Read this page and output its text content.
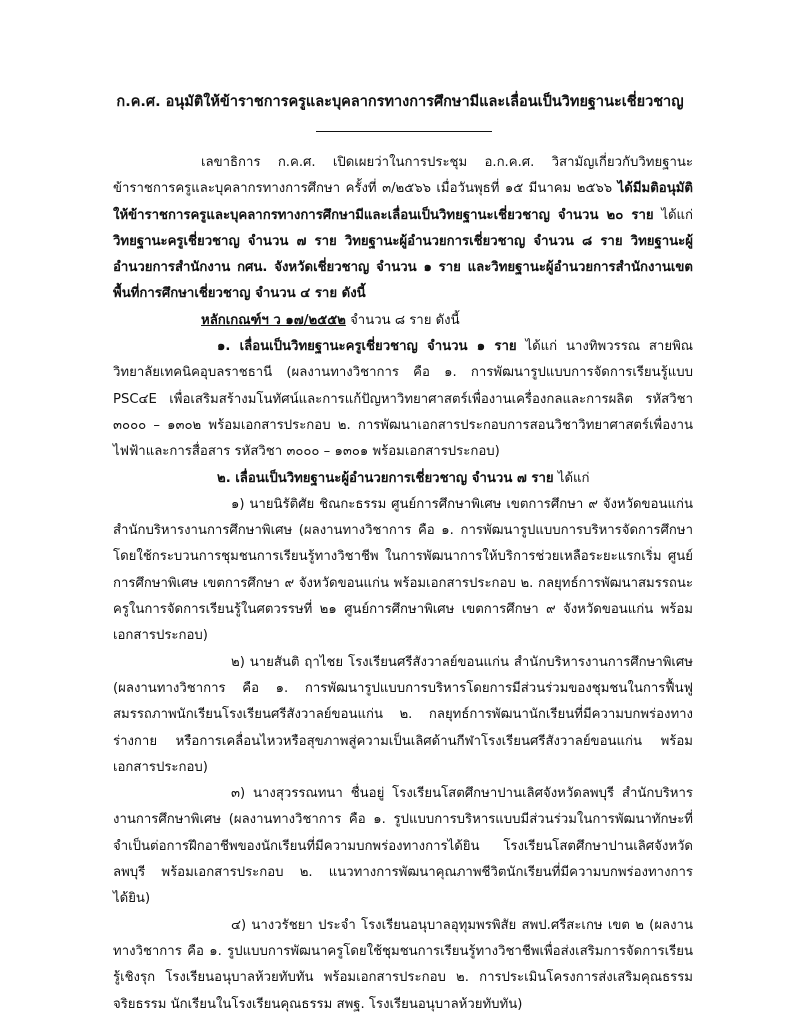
ก.ค.ศ. อนุมัติให้ข้าราชการครูและบุคลากรทางการศึกษามีและเลื่อนเป็นวิทยฐานะเชี่ยวชาญ

เลขาธิการ ก.ค.ศ. เปิดเผยว่าในการประชุม อ.ก.ค.ศ. วิสามัญเกี่ยวกับวิทยฐานะข้าราชการครูและบุคลากรทางการศึกษา ครั้งที่ ๓/๒๕๖๖ เมื่อวันพุธที่ ๑๕ มีนาคม ๒๕๖๖ ได้มีมติอนุมัติให้ข้าราชการครูและบุคลากรทางการศึกษามีและเลื่อนเป็นวิทยฐานะเชี่ยวชาญ จำนวน ๒๐ ราย ได้แก่ วิทยฐานะครูเชี่ยวชาญ จำนวน ๗ ราย วิทยฐานะผู้อำนวยการเชี่ยวชาญ จำนวน ๘ ราย วิทยฐานะผู้อำนวยการสำนักงาน กศน. จังหวัดเชี่ยวชาญ จำนวน ๑ ราย และวิทยฐานะผู้อำนวยการสำนักงานเขตพื้นที่การศึกษาเชี่ยวชาญ จำนวน ๔ ราย ดังนี้

หลักเกณฑ์ฯ ว ๑๗/๒๕๕๒ จำนวน ๘ ราย ดังนี้

๑. เลื่อนเป็นวิทยฐานะครูเชี่ยวชาญ จำนวน ๑ ราย ได้แก่ นางทิพวรรณ สายพิณ วิทยาลัยเทคนิคอุบลราชธานี (ผลงานทางวิชาการ คือ ๑. การพัฒนารูปแบบการจัดการเรียนรู้แบบ PSC๔E เพื่อเสริมสร้างมโนทัศน์และการแก้ปัญหาวิทยาศาสตร์เพื่องานเครื่องกลและการผลิต รหัสวิชา ๓๐๐๐ – ๑๓๐๒ พร้อมเอกสารประกอบ ๒. การพัฒนาเอกสารประกอบการสอนวิชาวิทยาศาสตร์เพื่องานไฟฟ้าและการสื่อสาร รหัสวิชา ๓๐๐๐ – ๑๓๐๑ พร้อมเอกสารประกอบ)

๒. เลื่อนเป็นวิทยฐานะผู้อำนวยการเชี่ยวชาญ จำนวน ๗ ราย ได้แก่

๑) นายนิรัติศัย ชิณกะธรรม ศูนย์การศึกษาพิเศษ เขตการศึกษา ๙ จังหวัดขอนแก่น สำนักบริหารงานการศึกษาพิเศษ (ผลงานทางวิชาการ คือ ๑. การพัฒนารูปแบบการบริหารจัดการศึกษาโดยใช้กระบวนการชุมชนการเรียนรู้ทางวิชาชีพ ในการพัฒนาการให้บริการช่วยเหลือระยะแรกเริ่ม ศูนย์การศึกษาพิเศษ เขตการศึกษา ๙ จังหวัดขอนแก่น พร้อมเอกสารประกอบ ๒. กลยุทธ์การพัฒนาสมรรถนะครูในการจัดการเรียนรู้ในศตวรรษที่ ๒๑ ศูนย์การศึกษาพิเศษ เขตการศึกษา ๙ จังหวัดขอนแก่น พร้อมเอกสารประกอบ)

๒) นายสันติ ฤาไชย โรงเรียนศรีสังวาลย์ขอนแก่น สำนักบริหารงานการศึกษาพิเศษ (ผลงานทางวิชาการ คือ ๑. การพัฒนารูปแบบการบริหารโดยการมีส่วนร่วมของชุมชนในการฟื้นฟูสมรรถภาพนักเรียนโรงเรียนศรีสังวาลย์ขอนแก่น ๒. กลยุทธ์การพัฒนานักเรียนที่มีความบกพร่องทางร่างกาย หรือการเคลื่อนไหวหรือสุขภาพสู่ความเป็นเลิศด้านกีฬาโรงเรียนศรีสังวาลย์ขอนแก่น พร้อมเอกสารประกอบ)

๓) นางสุวรรณทนา ชื่นอยู่ โรงเรียนโสตศึกษาปานเลิศจังหวัดลพบุรี สำนักบริหารงานการศึกษาพิเศษ (ผลงานทางวิชาการ คือ ๑. รูปแบบการบริหารแบบมีส่วนร่วมในการพัฒนาทักษะที่จำเป็นต่อการฝึกอาชีพของนักเรียนที่มีความบกพร่องทางการได้ยิน โรงเรียนโสตศึกษาปานเลิศจังหวัดลพบุรี พร้อมเอกสารประกอบ ๒. แนวทางการพัฒนาคุณภาพชีวิตนักเรียนที่มีความบกพร่องทางการได้ยิน)

๔) นางวรัชยา ประจำ โรงเรียนอนุบาลอุทุมพรพิสัย สพป.ศรีสะเกษ เขต ๒ (ผลงานทางวิชาการ คือ ๑. รูปแบบการพัฒนาครูโดยใช้ชุมชนการเรียนรู้ทางวิชาชีพเพื่อส่งเสริมการจัดการเรียนรู้เชิงรุก โรงเรียนอนุบาลห้วยทับทัน พร้อมเอกสารประกอบ ๒. การประเมินโครงการส่งเสริมคุณธรรม จริยธรรม นักเรียนในโรงเรียนคุณธรรม สพฐ. โรงเรียนอนุบาลห้วยทับทัน)
